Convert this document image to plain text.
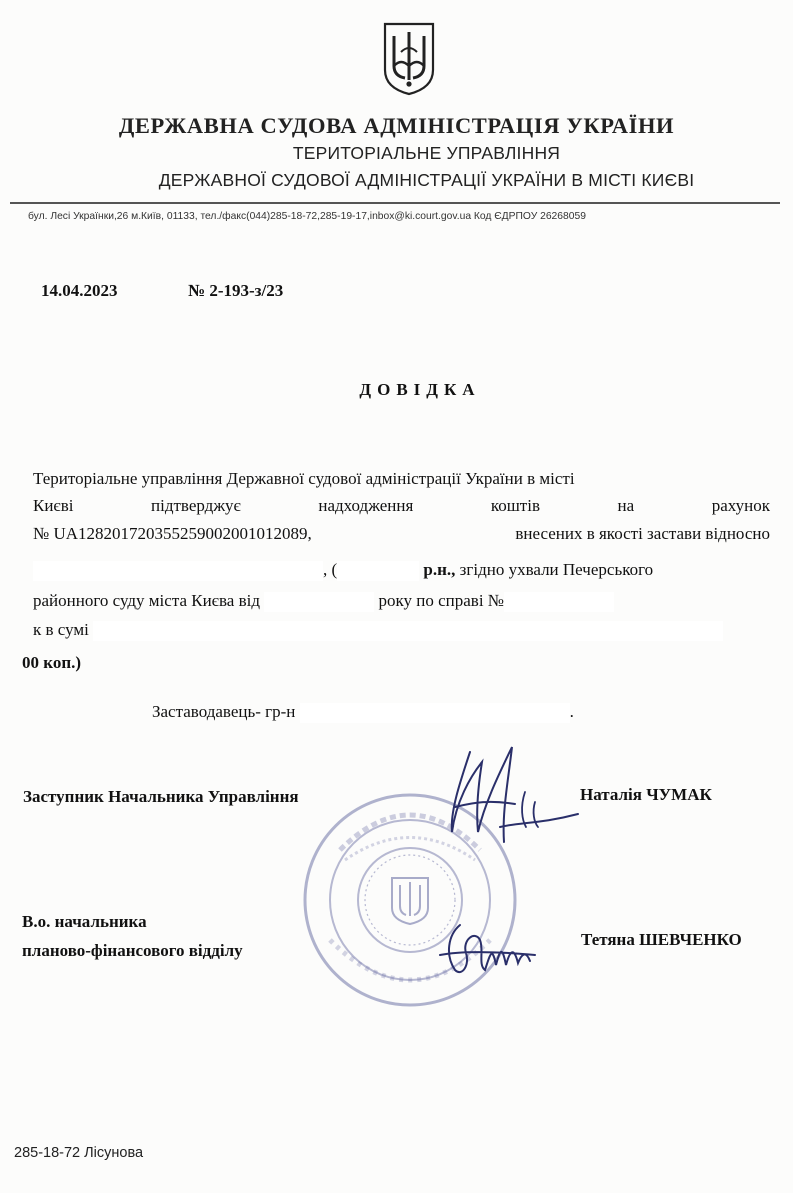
ДЕРЖАВНА СУДОВА АДМІНІСТРАЦІЯ УКРАЇНИ
ТЕРИТОРІАЛЬНЕ УПРАВЛІННЯ
ДЕРЖАВНОЇ СУДОВОЇ АДМІНІСТРАЦІЇ УКРАЇНИ В МІСТІ КИЄВІ
бул. Лесі Українки,26 м.Київ, 01133, тел./факс(044)285-18-72,285-19-17,inbox@ki.court.gov.ua Код ЄДРПОУ 26268059
14.04.2023	№ 2-193-з/23
ДОВІДКА
Територіальне управління Державної судової адміністрації України в місті
Києві	підтверджує	надходження	коштів	на	рахунок
№ UA128201720355259002001012089,	внесених в якості застави відносно
, (	р.н., згідно ухвали Печерського
районного суду міста Києва від	року по справі №
к в сумі
00 коп.)
Заставодавець- гр-н	.
Заступник Начальника Управління	Наталія ЧУМАК
В.о. начальника
планово-фінансового відділу
Тетяна ШЕВЧЕНКО
285-18-72 Лісунова
